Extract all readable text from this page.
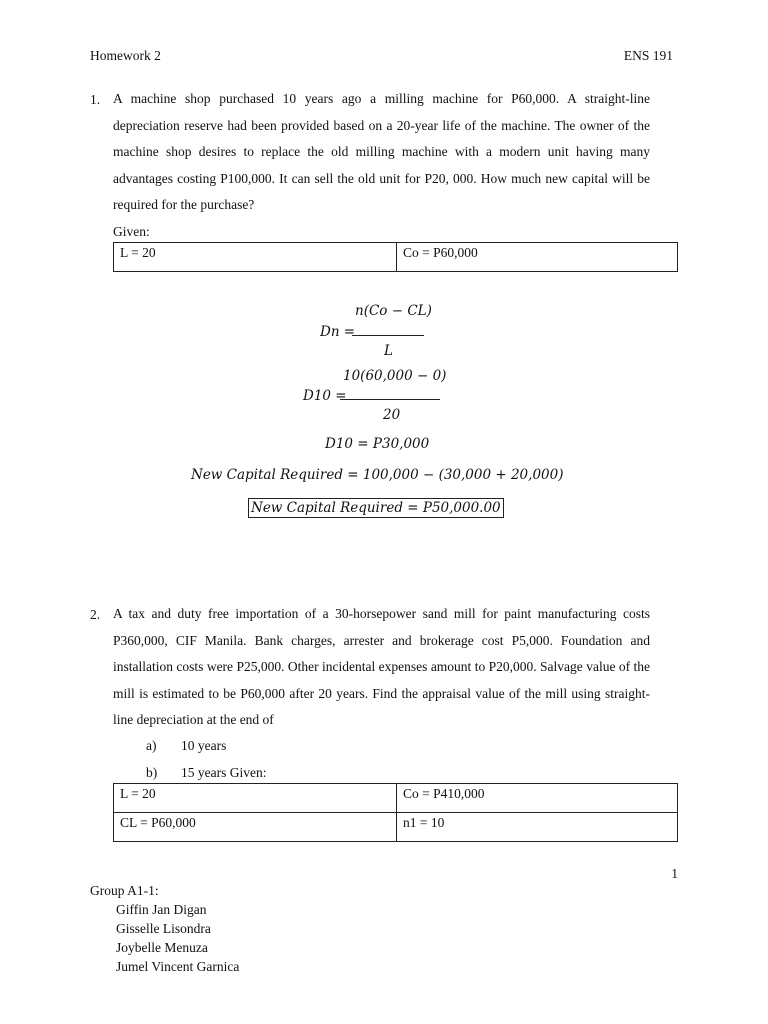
Homework 2	ENS 191
1. A machine shop purchased 10 years ago a milling machine for P60,000. A straight-line depreciation reserve had been provided based on a 20-year life of the machine. The owner of the machine shop desires to replace the old milling machine with a modern unit having many advantages costing P100,000. It can sell the old unit for P20, 000. How much new capital will be required for the purchase?
Given:
L = 20	Co = P60,000
n(Co − CL)
Dn =
L
10(60,000 − 0)
D10 =
20
D10 = P30,000
New Capital Required = 100,000 − (30,000 + 20,000)
New Capital Required = P50,000.00
2. A tax and duty free importation of a 30-horsepower sand mill for paint manufacturing costs P360,000, CIF Manila. Bank charges, arrester and brokerage cost P5,000. Foundation and installation costs were P25,000. Other incidental expenses amount to P20,000. Salvage value of the mill is estimated to be P60,000 after 20 years. Find the appraisal value of the mill using straight-line depreciation at the end of
a) 10 years
b) 15 years Given:
L = 20	Co = P410,000
CL = P60,000	n1 = 10
1
Group A1-1:
Giffin Jan Digan
Gisselle Lisondra
Joybelle Menuza
Jumel Vincent Garnica
